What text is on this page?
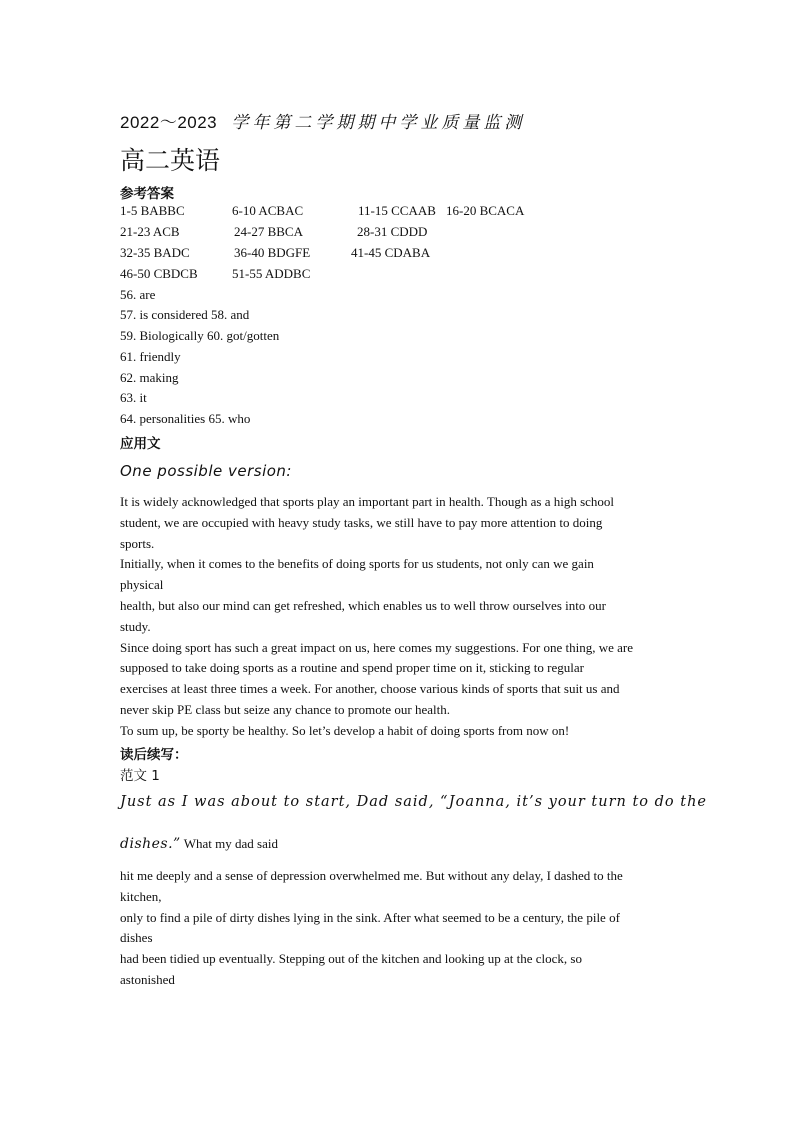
2022～2023 学年第二学期期中学业质量监测
高二英语
参考答案
1-5 BABBC	6-10 ACBAC	11-15 CCAAB 16-20 BCACA
21-23 ACB	24-27 BBCA	28-31 CDDD
32-35 BADC	36-40 BDGFE	41-45 CDABA
46-50 CBDCB	51-55 ADDBC
56. are
57. is considered 58. and
59. Biologically 60. got/gotten
61. friendly
62. making
63. it
64. personalities 65. who
应用文
One possible version:

It is widely acknowledged that sports play an important part in health. Though as a high school

student, we are occupied with heavy study tasks, we still have to pay more attention to doing

sports.

Initially, when it comes to the benefits of doing sports for us students, not only can we gain

physical

health, but also our mind can get refreshed, which enables us to well throw ourselves into our

study.

Since doing sport has such a great impact on us, here comes my suggestions. For one thing, we are

supposed to take doing sports as a routine and spend proper time on it, sticking to regular

exercises at least three times a week. For another, choose various kinds of sports that suit us and

never skip PE class but seize any chance to promote our health.

To sum up, be sporty be healthy. So let’s develop a habit of doing sports from now on!

读后续写：
范文 1
Just as I was about to start, Dad said, “Joanna, it’s your turn to do the
dishes.” What my dad said

hit me deeply and a sense of depression overwhelmed me. But without any delay, I dashed to the

kitchen,

only to find a pile of dirty dishes lying in the sink. After what seemed to be a century, the pile of

dishes

had been tidied up eventually. Stepping out of the kitchen and looking up at the clock, so

astonished
